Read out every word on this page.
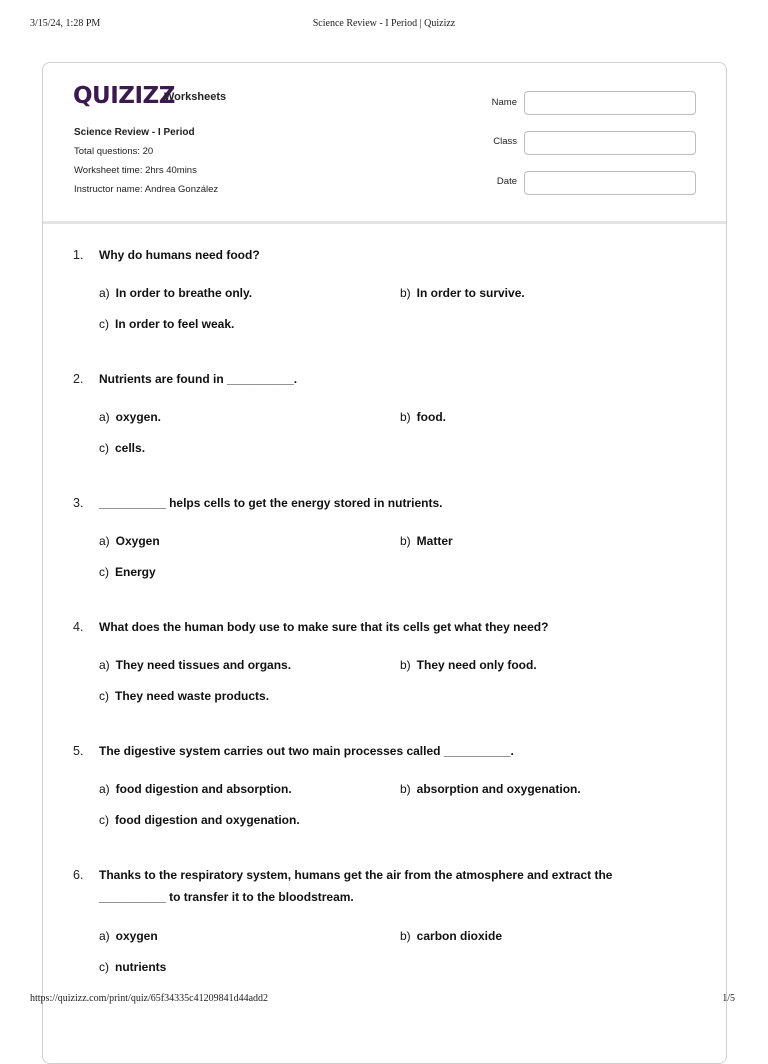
3/15/24, 1:28 PM	Science Review - I Period | Quizizz
QUIZIZZ
Worksheets
Science Review - I Period
Total questions: 20
Worksheet time: 2hrs 40mins
Instructor name: Andrea González
Name
Class
Date
1. Why do humans need food?
a) In order to breathe only.	b) In order to survive.
c) In order to feel weak.
2. Nutrients are found in __________.
a) oxygen.	b) food.
c) cells.
3. __________ helps cells to get the energy stored in nutrients.
a) Oxygen	b) Matter
c) Energy
4. What does the human body use to make sure that its cells get what they need?
a) They need tissues and organs.	b) They need only food.
c) They need waste products.
5. The digestive system carries out two main processes called __________.
a) food digestion and absorption.	b) absorption and oxygenation.
c) food digestion and oxygenation.
6. Thanks to the respiratory system, humans get the air from the atmosphere and extract the __________ to transfer it to the bloodstream.
a) oxygen	b) carbon dioxide
c) nutrients
https://quizizz.com/print/quiz/65f34335c41209841d44add2	1/5
